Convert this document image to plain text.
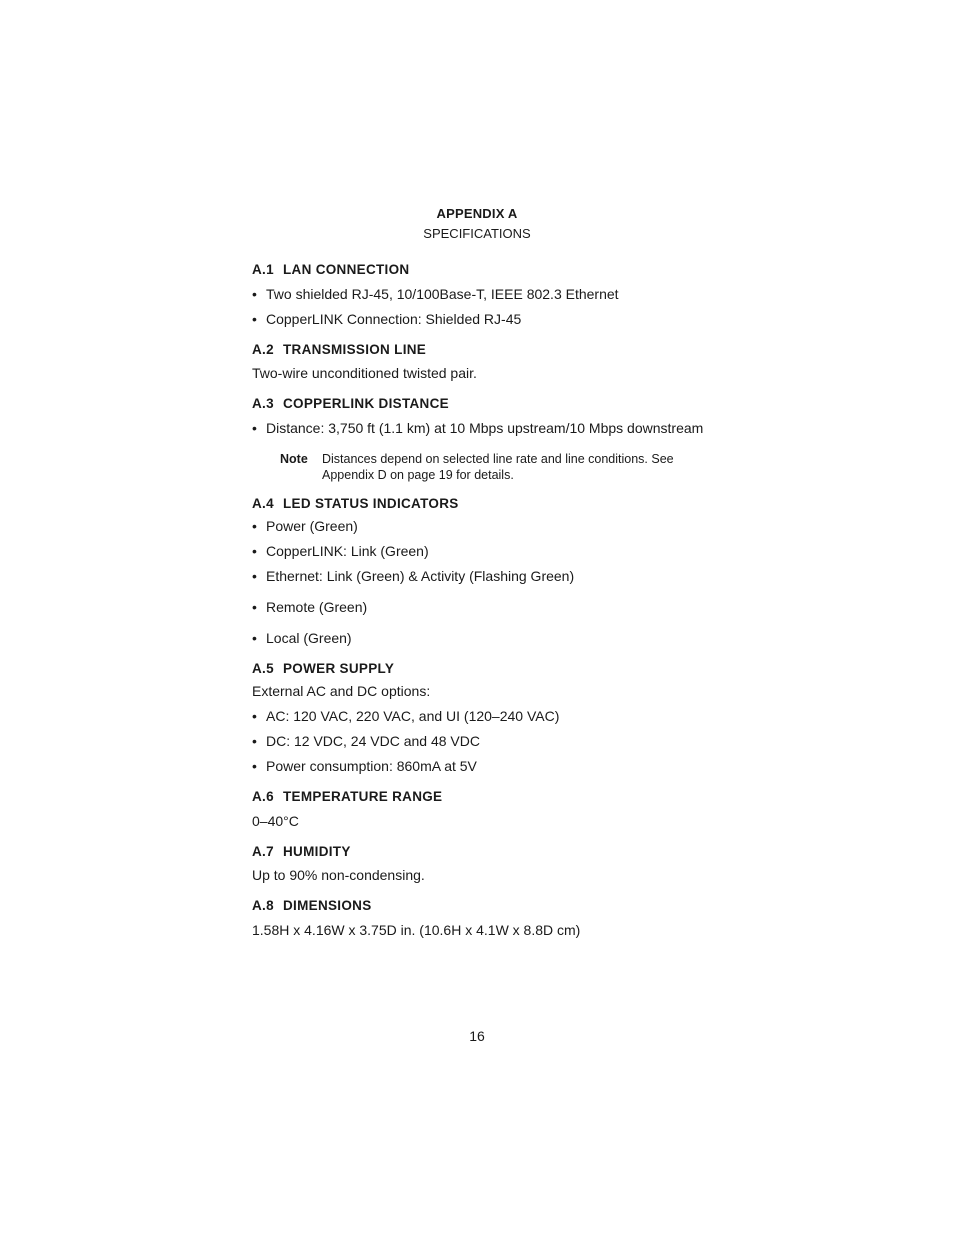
APPENDIX A
SPECIFICATIONS
A.1 LAN CONNECTION
• Two shielded RJ-45, 10/100Base-T, IEEE 802.3 Ethernet
• CopperLINK Connection: Shielded RJ-45
A.2 TRANSMISSION LINE
Two-wire unconditioned twisted pair.
A.3 COPPERLINK DISTANCE
• Distance: 3,750 ft (1.1 km) at 10 Mbps upstream/10 Mbps downstream
Note Distances depend on selected line rate and line conditions. See Appendix D on page 19 for details.
A.4 LED STATUS INDICATORS
• Power (Green)
• CopperLINK: Link (Green)
• Ethernet: Link (Green) & Activity (Flashing Green)
• Remote (Green)
• Local (Green)
A.5 POWER SUPPLY
External AC and DC options:
• AC: 120 VAC, 220 VAC, and UI (120–240 VAC)
• DC: 12 VDC, 24 VDC and 48 VDC
• Power consumption: 860mA at 5V
A.6 TEMPERATURE RANGE
0–40°C
A.7 HUMIDITY
Up to 90% non-condensing.
A.8 DIMENSIONS
1.58H x 4.16W x 3.75D in. (10.6H x 4.1W x 8.8D cm)
16
